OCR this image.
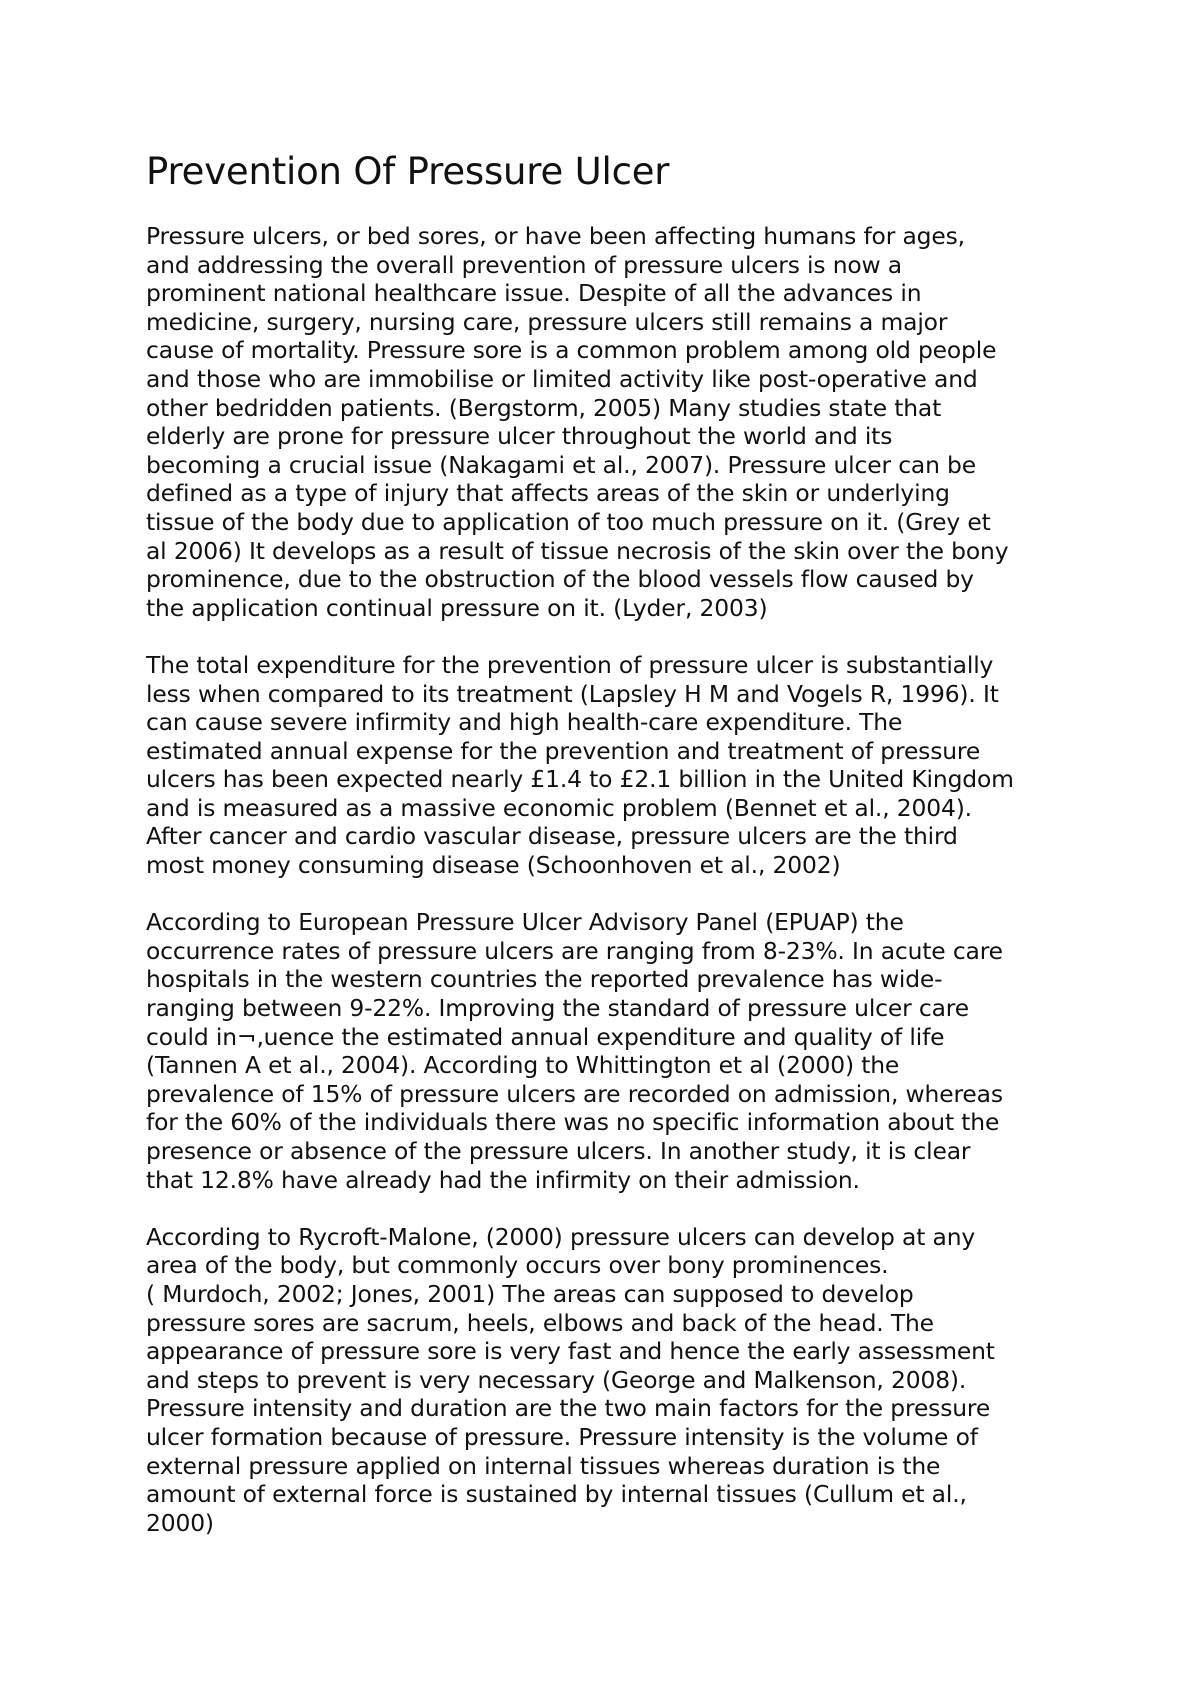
Prevention Of Pressure Ulcer

Pressure ulcers, or bed sores, or have been affecting humans for ages,
and addressing the overall prevention of pressure ulcers is now a
prominent national healthcare issue. Despite of all the advances in
medicine, surgery, nursing care, pressure ulcers still remains a major
cause of mortality. Pressure sore is a common problem among old people
and those who are immobilise or limited activity like post-operative and
other bedridden patients. (Bergstorm, 2005) Many studies state that
elderly are prone for pressure ulcer throughout the world and its
becoming a crucial issue (Nakagami et al., 2007). Pressure ulcer can be
defined as a type of injury that affects areas of the skin or underlying
tissue of the body due to application of too much pressure on it. (Grey et
al 2006) It develops as a result of tissue necrosis of the skin over the bony
prominence, due to the obstruction of the blood vessels flow caused by
the application continual pressure on it. (Lyder, 2003)

The total expenditure for the prevention of pressure ulcer is substantially
less when compared to its treatment (Lapsley H M and Vogels R, 1996). It
can cause severe infirmity and high health-care expenditure. The
estimated annual expense for the prevention and treatment of pressure
ulcers has been expected nearly £1.4 to £2.1 billion in the United Kingdom
and is measured as a massive economic problem (Bennet et al., 2004).
After cancer and cardio vascular disease, pressure ulcers are the third
most money consuming disease (Schoonhoven et al., 2002)

According to European Pressure Ulcer Advisory Panel (EPUAP) the
occurrence rates of pressure ulcers are ranging from 8-23%. In acute care
hospitals in the western countries the reported prevalence has wide-
ranging between 9-22%. Improving the standard of pressure ulcer care
could in¬‚uence the estimated annual expenditure and quality of life
(Tannen A et al., 2004). According to Whittington et al (2000) the
prevalence of 15% of pressure ulcers are recorded on admission, whereas
for the 60% of the individuals there was no specific information about the
presence or absence of the pressure ulcers. In another study, it is clear
that 12.8% have already had the infirmity on their admission.

According to Rycroft-Malone, (2000) pressure ulcers can develop at any
area of the body, but commonly occurs over bony prominences.
( Murdoch, 2002; Jones, 2001) The areas can supposed to develop
pressure sores are sacrum, heels, elbows and back of the head. The
appearance of pressure sore is very fast and hence the early assessment
and steps to prevent is very necessary (George and Malkenson, 2008).
Pressure intensity and duration are the two main factors for the pressure
ulcer formation because of pressure. Pressure intensity is the volume of
external pressure applied on internal tissues whereas duration is the
amount of external force is sustained by internal tissues (Cullum et al.,
2000)
